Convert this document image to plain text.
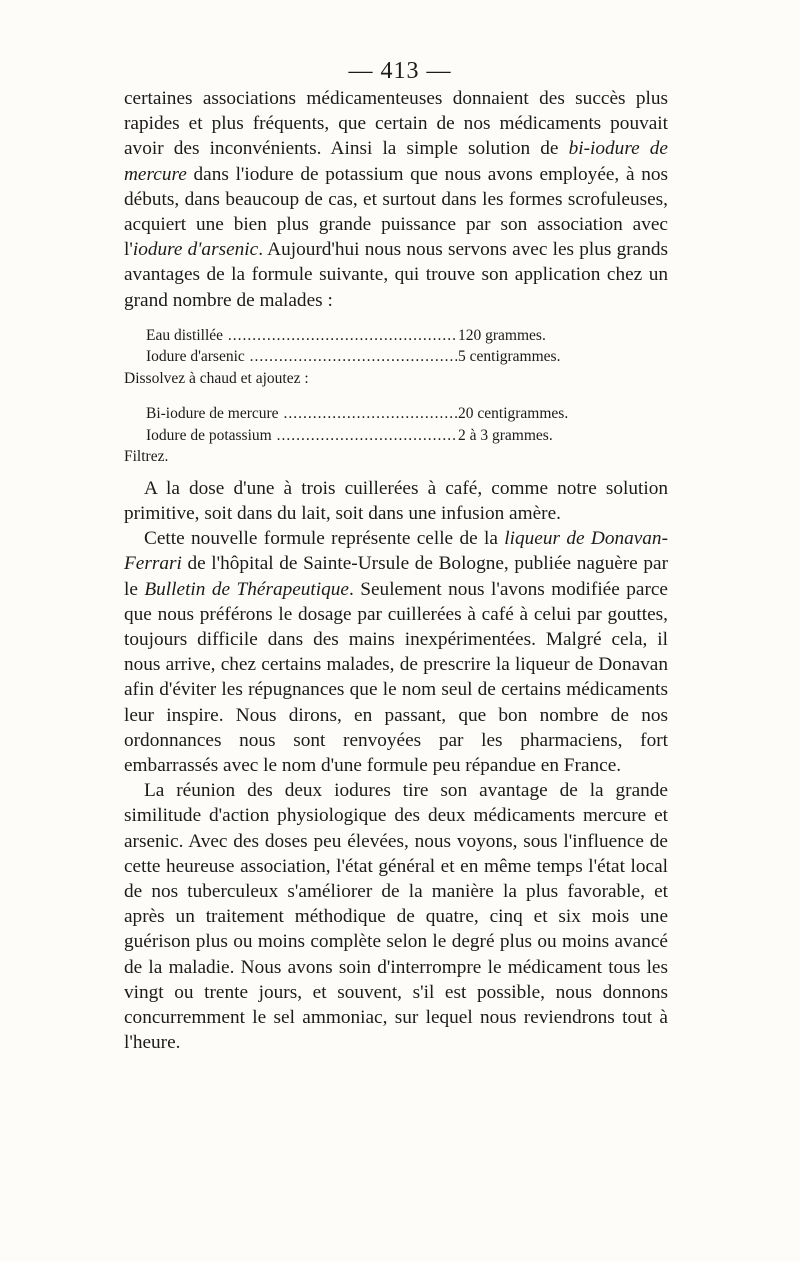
— 413 —

certaines associations médicamenteuses donnaient des succès plus rapides et plus fréquents, que certain de nos médicaments pouvait avoir des inconvénients. Ainsi la simple solution de bi-iodure de mercure dans l'iodure de potassium que nous avons employée, à nos débuts, dans beaucoup de cas, et surtout dans les formes scrofuleuses, acquiert une bien plus grande puissance par son association avec l'iodure d'arsenic. Aujourd'hui nous nous servons avec les plus grands avantages de la formule suivante, qui trouve son application chez un grand nombre de malades :

Eau distillée .....	120 grammes.
Iodure d'arsenic .....	5 centigrammes.
Dissolvez à chaud et ajoutez :
Bi-iodure de mercure .....	20 centigrammes.
Iodure de potassium .....	2 à 3 grammes.
Filtrez.

A la dose d'une à trois cuillerées à café, comme notre solution primitive, soit dans du lait, soit dans une infusion amère.

Cette nouvelle formule représente celle de la liqueur de Donavan-Ferrari de l'hôpital de Sainte-Ursule de Bologne, publiée naguère par le Bulletin de Thérapeutique. Seulement nous l'avons modifiée parce que nous préférons le dosage par cuillerées à café à celui par gouttes, toujours difficile dans des mains inexpérimentées. Malgré cela, il nous arrive, chez certains malades, de prescrire la liqueur de Donavan afin d'éviter les répugnances que le nom seul de certains médicaments leur inspire. Nous dirons, en passant, que bon nombre de nos ordonnances nous sont renvoyées par les pharmaciens, fort embarrassés avec le nom d'une formule peu répandue en France.

La réunion des deux iodures tire son avantage de la grande similitude d'action physiologique des deux médicaments mercure et arsenic. Avec des doses peu élevées, nous voyons, sous l'influence de cette heureuse association, l'état général et en même temps l'état local de nos tuberculeux s'améliorer de la manière la plus favorable, et après un traitement méthodique de quatre, cinq et six mois une guérison plus ou moins complète selon le degré plus ou moins avancé de la maladie. Nous avons soin d'interrompre le médicament tous les vingt ou trente jours, et souvent, s'il est possible, nous donnons concurremment le sel ammoniac, sur lequel nous reviendrons tout à l'heure.
